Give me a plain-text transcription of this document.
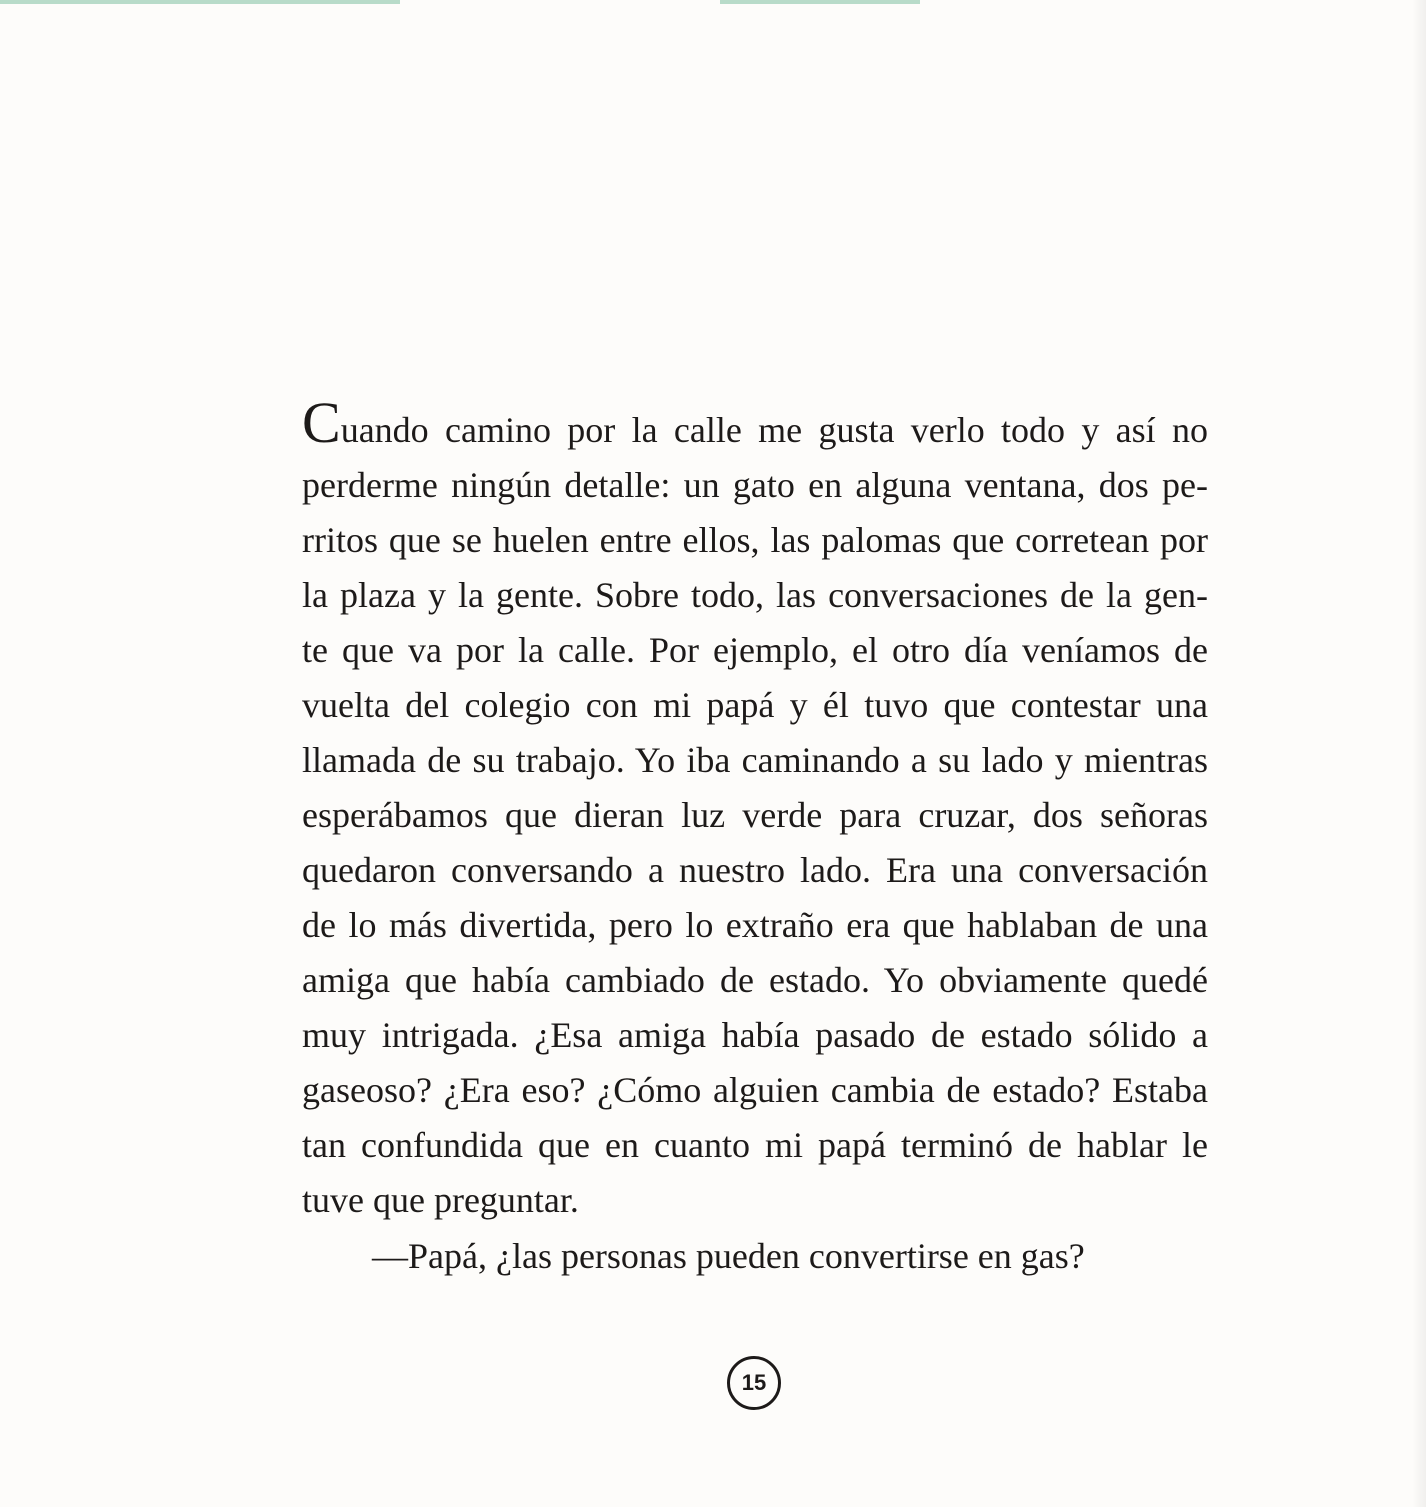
Cuando camino por la calle me gusta verlo todo y así no
perderme ningún detalle: un gato en alguna ventana, dos pe-
rritos que se huelen entre ellos, las palomas que corretean por
la plaza y la gente. Sobre todo, las conversaciones de la gen-
te que va por la calle. Por ejemplo, el otro día veníamos de
vuelta del colegio con mi papá y él tuvo que contestar una
llamada de su trabajo. Yo iba caminando a su lado y mientras
esperábamos que dieran luz verde para cruzar, dos señoras
quedaron conversando a nuestro lado. Era una conversación
de lo más divertida, pero lo extraño era que hablaban de una
amiga que había cambiado de estado. Yo obviamente quedé
muy intrigada. ¿Esa amiga había pasado de estado sólido a
gaseoso? ¿Era eso? ¿Cómo alguien cambia de estado? Estaba
tan confundida que en cuanto mi papá terminó de hablar le
tuve que preguntar.
—Papá, ¿las personas pueden convertirse en gas?
15
